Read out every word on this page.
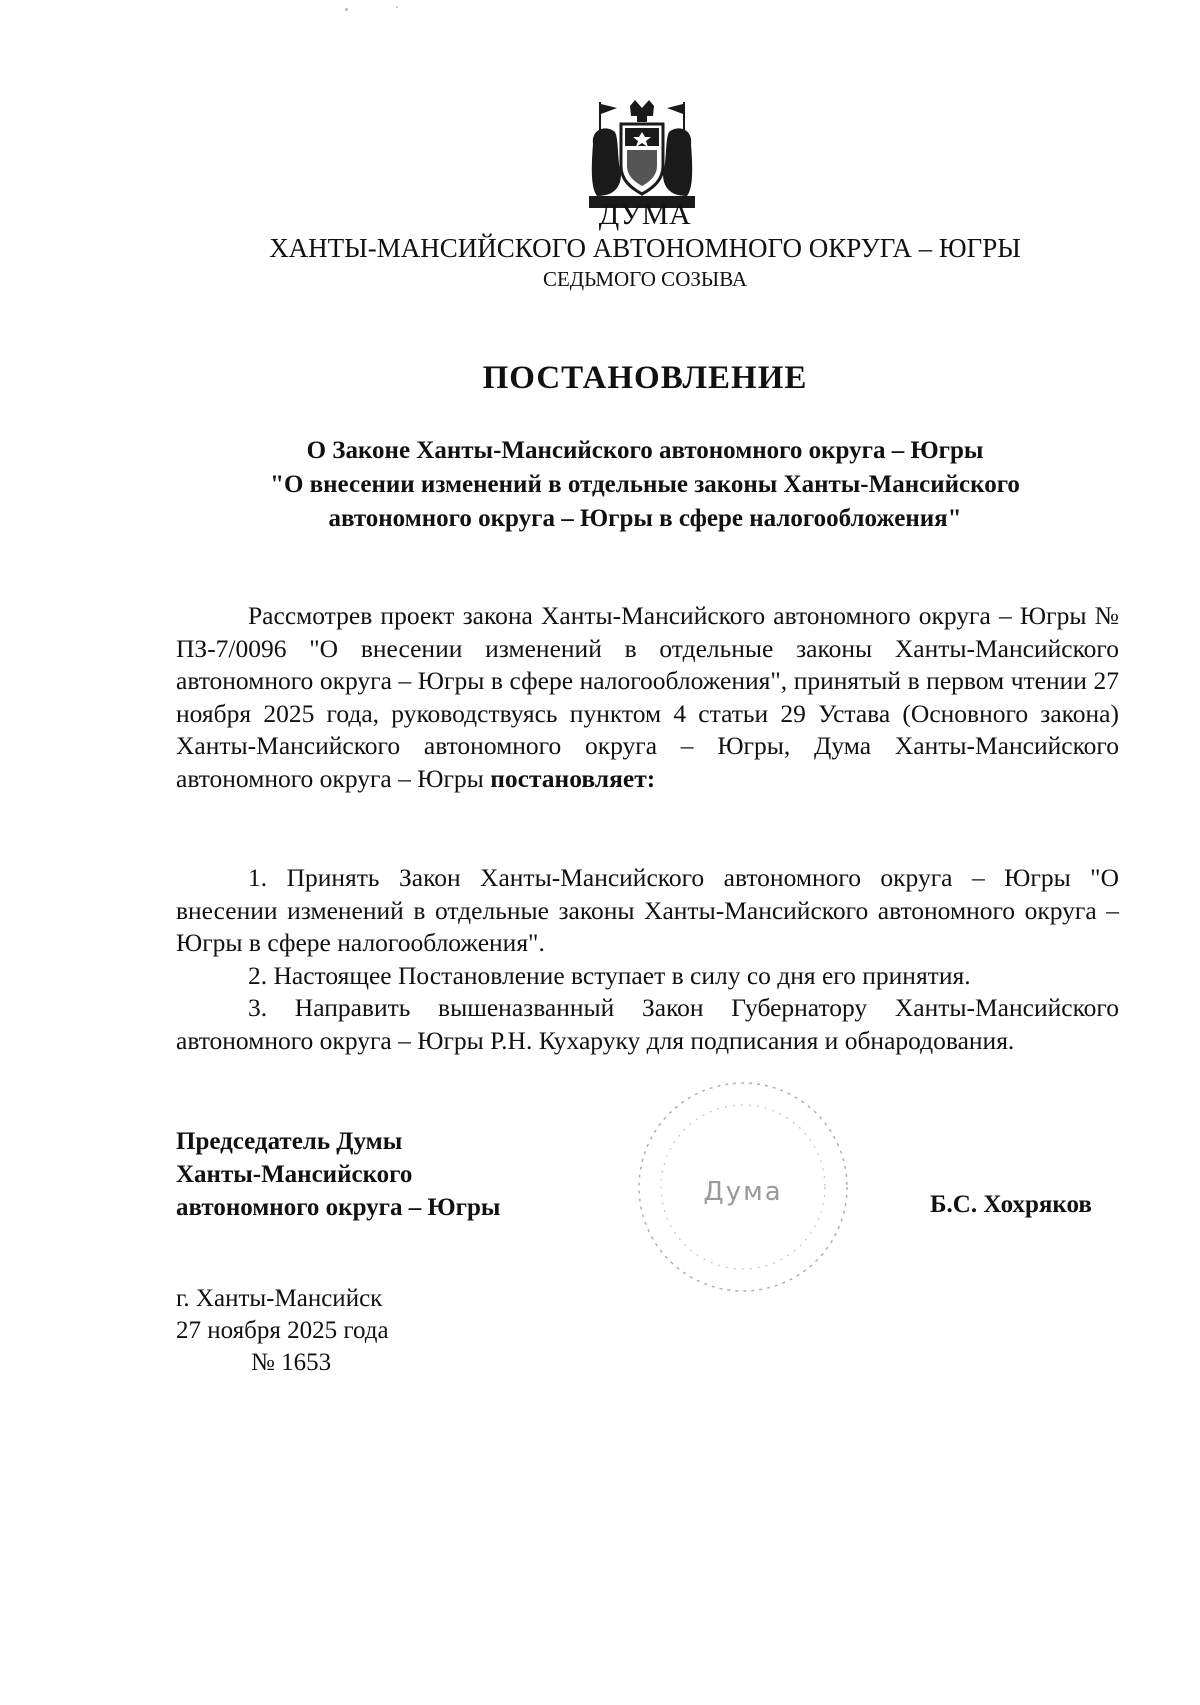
ДУМА
ХАНТЫ-МАНСИЙСКОГО АВТОНОМНОГО ОКРУГА – ЮГРЫ
СЕДЬМОГО СОЗЫВА
ПОСТАНОВЛЕНИЕ
О Законе Ханты-Мансийского автономного округа – Югры
"О внесении изменений в отдельные законы Ханты-Мансийского
автономного округа – Югры в сфере налогообложения"
Рассмотрев проект закона Ханты-Мансийского автономного округа – Югры № ПЗ-7/0096 "О внесении изменений в отдельные законы Ханты-Мансийского автономного округа – Югры в сфере налогообложения", принятый в первом чтении 27 ноября 2025 года, руководствуясь пунктом 4 статьи 29 Устава (Основного закона) Ханты-Мансийского автономного округа – Югры, Дума Ханты-Мансийского автономного округа – Югры постановляет:

1. Принять Закон Ханты-Мансийского автономного округа – Югры "О внесении изменений в отдельные законы Ханты-Мансийского автономного округа – Югры в сфере налогообложения".

2. Настоящее Постановление вступает в силу со дня его принятия.

3. Направить вышеназванный Закон Губернатору Ханты-Мансийского автономного округа – Югры Р.Н. Кухаруку для подписания и обнародования.

Дума
Председатель Думы
Ханты-Мансийского
автономного округа – Югры	Б.С. Хохряков
г. Ханты-Мансийск
27 ноября 2025 года
№ 1653
